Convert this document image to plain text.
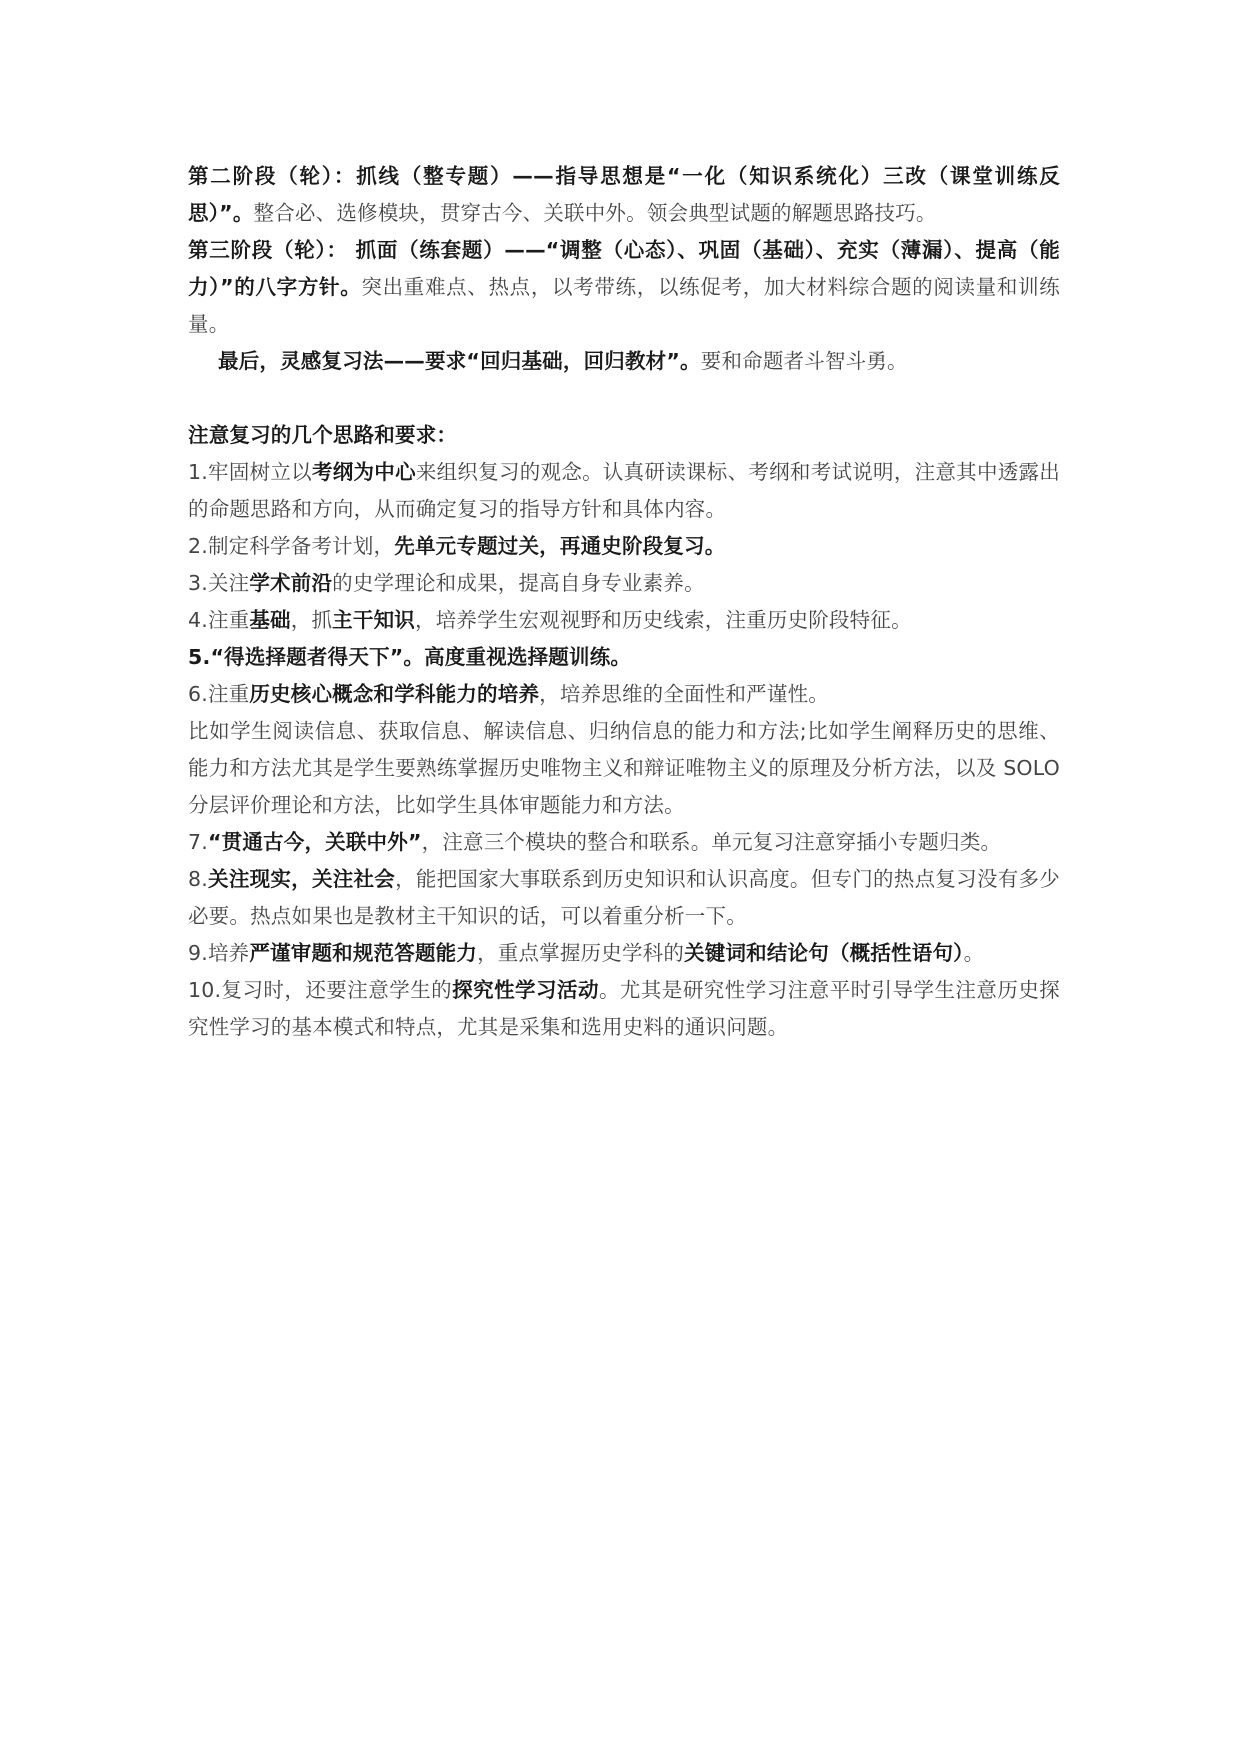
第二阶段（轮）：抓线（整专题）——指导思想是“一化（知识系统化）三改（课堂训练反思）”。整合必、选修模块，贯穿古今、关联中外。领会典型试题的解题思路技巧。

第三阶段（轮）： 抓面（练套题）——“调整（心态）、巩固（基础）、充实（薄漏）、提高（能力）”的八字方针。突出重难点、热点，以考带练，以练促考，加大材料综合题的阅读量和训练量。

最后，灵感复习法——要求“回归基础，回归教材”。要和命题者斗智斗勇。

注意复习的几个思路和要求：

1.牢固树立以考纲为中心来组织复习的观念。认真研读课标、考纲和考试说明，注意其中透露出的命题思路和方向，从而确定复习的指导方针和具体内容。

2.制定科学备考计划，先单元专题过关，再通史阶段复习。

3.关注学术前沿的史学理论和成果，提高自身专业素养。

4.注重基础，抓主干知识，培养学生宏观视野和历史线索，注重历史阶段特征。

5.“得选择题者得天下”。高度重视选择题训练。

6.注重历史核心概念和学科能力的培养，培养思维的全面性和严谨性。

比如学生阅读信息、获取信息、解读信息、归纳信息的能力和方法;比如学生阐释历史的思维、能力和方法尤其是学生要熟练掌握历史唯物主义和辩证唯物主义的原理及分析方法，以及 SOLO 分层评价理论和方法，比如学生具体审题能力和方法。

7.“贯通古今，关联中外”，注意三个模块的整合和联系。单元复习注意穿插小专题归类。

8.关注现实，关注社会，能把国家大事联系到历史知识和认识高度。但专门的热点复习没有多少必要。热点如果也是教材主干知识的话，可以着重分析一下。

9.培养严谨审题和规范答题能力，重点掌握历史学科的关键词和结论句（概括性语句）。

10.复习时，还要注意学生的探究性学习活动。尤其是研究性学习注意平时引导学生注意历史探究性学习的基本模式和特点，尤其是采集和选用史料的通识问题。
